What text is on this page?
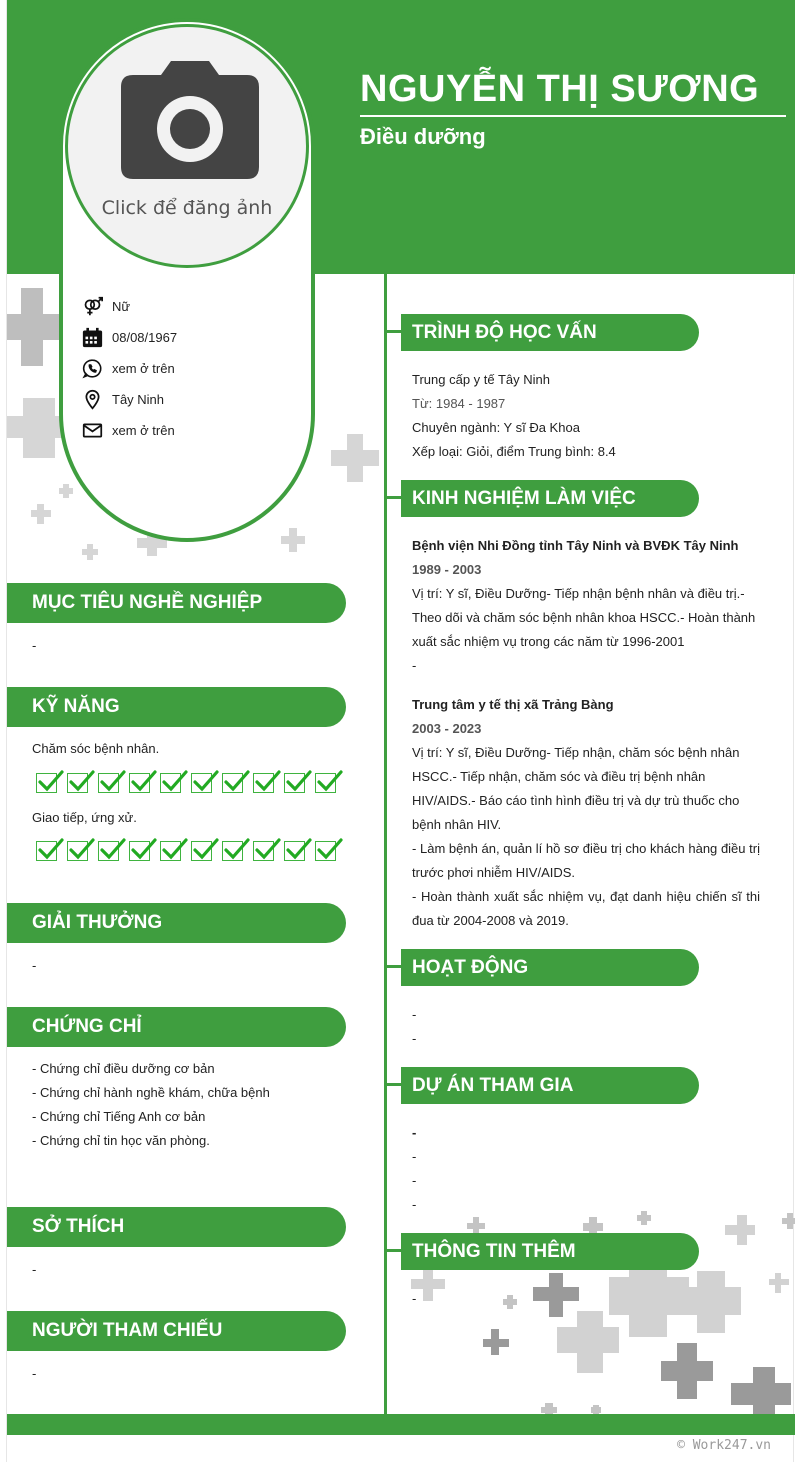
NGUYỄN THỊ SƯƠNG
Điều dưỡng
Click để đăng ảnh
Nữ
08/08/1967
xem ở trên
Tây Ninh
xem ở trên
MỤC TIÊU NGHỀ NGHIỆP
-
KỸ NĂNG
Chăm sóc bệnh nhân.
Giao tiếp, ứng xử.
GIẢI THƯỞNG
-
CHỨNG CHỈ
- Chứng chỉ điều dưỡng cơ bản
- Chứng chỉ hành nghề khám, chữa bệnh
- Chứng chỉ Tiếng Anh cơ bản
- Chứng chỉ tin học văn phòng.
SỞ THÍCH
-
NGƯỜI THAM CHIẾU
-
TRÌNH ĐỘ HỌC VẤN
Trung cấp y tế Tây Ninh
Từ: 1984 - 1987
Chuyên ngành: Y sĩ Đa Khoa
Xếp loại: Giỏi, điểm Trung bình: 8.4
KINH NGHIỆM LÀM VIỆC
Bệnh viện Nhi Đồng tỉnh Tây Ninh và BVĐK Tây Ninh
1989 - 2003
Vị trí: Y sĩ, Điều Dưỡng- Tiếp nhận bệnh nhân và điều trị.- Theo dõi và chăm sóc bệnh nhân khoa HSCC.- Hoàn thành xuất sắc nhiệm vụ trong các năm từ 1996-2001
-
Trung tâm y tế thị xã Trảng Bàng
2003 - 2023
Vị trí: Y sĩ, Điều Dưỡng- Tiếp nhận, chăm sóc bệnh nhân HSCC.- Tiếp nhận, chăm sóc và điều trị bệnh nhân HIV/AIDS.- Báo cáo tình hình điều trị và dự trù thuốc cho bệnh nhân HIV.
- Làm bệnh án, quản lí hồ sơ điều trị cho khách hàng điều trị trước phơi nhiễm HIV/AIDS.
- Hoàn thành xuất sắc nhiệm vụ, đạt danh hiệu chiến sĩ thi đua từ 2004-2008 và 2019.
HOẠT ĐỘNG
-
-
DỰ ÁN THAM GIA
-
-
-
-
THÔNG TIN THÊM
-
© Work247.vn
